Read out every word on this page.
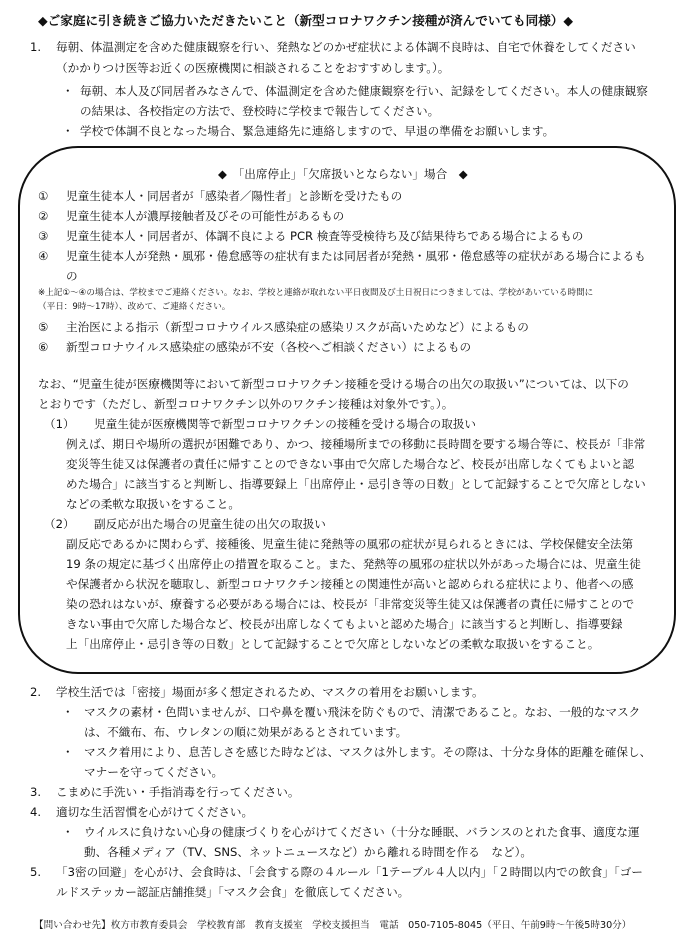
◆ご家庭に引き続きご協力いただきたいこと（新型コロナワクチン接種が済んでいても同様）◆
1. 毎朝、体温測定を含めた健康観察を行い、発熱などのかぜ症状による体調不良時は、自宅で休養をしてください
（かかりつけ医等お近くの医療機関に相談されることをおすすめします。）。
・ 毎朝、本人及び同居者みなさんで、体温測定を含めた健康観察を行い、記録をしてください。本人の健康観察
の結果は、各校指定の方法で、登校時に学校まで報告してください。
・ 学校で体調不良となった場合、緊急連絡先に連絡しますので、早退の準備をお願いします。
◆　「出席停止」「欠席扱いとならない」場合　◆
① 児童生徒本人・同居者が「感染者／陽性者」と診断を受けたもの
② 児童生徒本人が濃厚接触者及びその可能性があるもの
③ 児童生徒本人・同居者が、体調不良による PCR 検査等受検待ち及び結果待ちである場合によるもの
④ 児童生徒本人が発熱・風邪・倦怠感等の症状有または同居者が発熱・風邪・倦怠感等の症状がある場合によるも
の
※上記①～④の場合は、学校までご連絡ください。なお、学校と連絡が取れない平日夜間及び土日祝日につきましては、学校があいている時間に
（平日：9時～17時）、改めて、ご連絡ください。
⑤ 主治医による指示（新型コロナウイルス感染症の感染リスクが高いためなど）によるもの
⑥ 新型コロナウイルス感染症の感染が不安（各校へご相談ください）によるもの
なお、“児童生徒が医療機関等において新型コロナワクチン接種を受ける場合の出欠の取扱い”については、以下の
とおりです（ただし、新型コロナワクチン以外のワクチン接種は対象外です。）。
（1） 児童生徒が医療機関等で新型コロナワクチンの接種を受ける場合の取扱い
例えば、期日や場所の選択が困難であり、かつ、接種場所までの移動に長時間を要する場合等に、校長が「非常
変災等生徒又は保護者の責任に帰すことのできない事由で欠席した場合など、校長が出席しなくてもよいと認
めた場合」に該当すると判断し、指導要録上「出席停止・忌引き等の日数」として記録することで欠席としない
などの柔軟な取扱いをすること。
（2） 副反応が出た場合の児童生徒の出欠の取扱い
副反応であるかに関わらず、接種後、児童生徒に発熱等の風邪の症状が見られるときには、学校保健安全法第
19 条の規定に基づく出席停止の措置を取ること。また、発熱等の風邪の症状以外があった場合には、児童生徒
や保護者から状況を聴取し、新型コロナワクチン接種との関連性が高いと認められる症状により、他者への感
染の恐れはないが、療養する必要がある場合には、校長が「非常変災等生徒又は保護者の責任に帰すことので
きない事由で欠席した場合など、校長が出席しなくてもよいと認めた場合」に該当すると判断し、指導要録
上「出席停止・忌引き等の日数」として記録することで欠席としないなどの柔軟な取扱いをすること。
2. 学校生活では「密接」場面が多く想定されるため、マスクの着用をお願いします。
・ マスクの素材・色問いませんが、口や鼻を覆い飛沫を防ぐもので、清潔であること。なお、一般的なマスク
は、不織布、布、ウレタンの順に効果があるとされています。
・ マスク着用により、息苦しさを感じた時などは、マスクは外します。その際は、十分な身体的距離を確保し、
マナーを守ってください。
3. こまめに手洗い・手指消毒を行ってください。
4. 適切な生活習慣を心がけてください。
・ ウイルスに負けない心身の健康づくりを心がけてください（十分な睡眠、バランスのとれた食事、適度な運
動、各種メディア（TV、SNS、ネットニュースなど）から離れる時間を作る　など）。
5. 「3密の回避」を心がけ、会食時は、「会食する際の４ルール「1テーブル４人以内」「２時間以内での飲食」「ゴー
ルドステッカー認証店舗推奨」「マスク会食」を徹底してください。
【問い合わせ先】枚方市教育委員会　学校教育部　教育支援室　学校支援担当　電話　050-7105-8045（平日、午前9時～午後5時30分）
